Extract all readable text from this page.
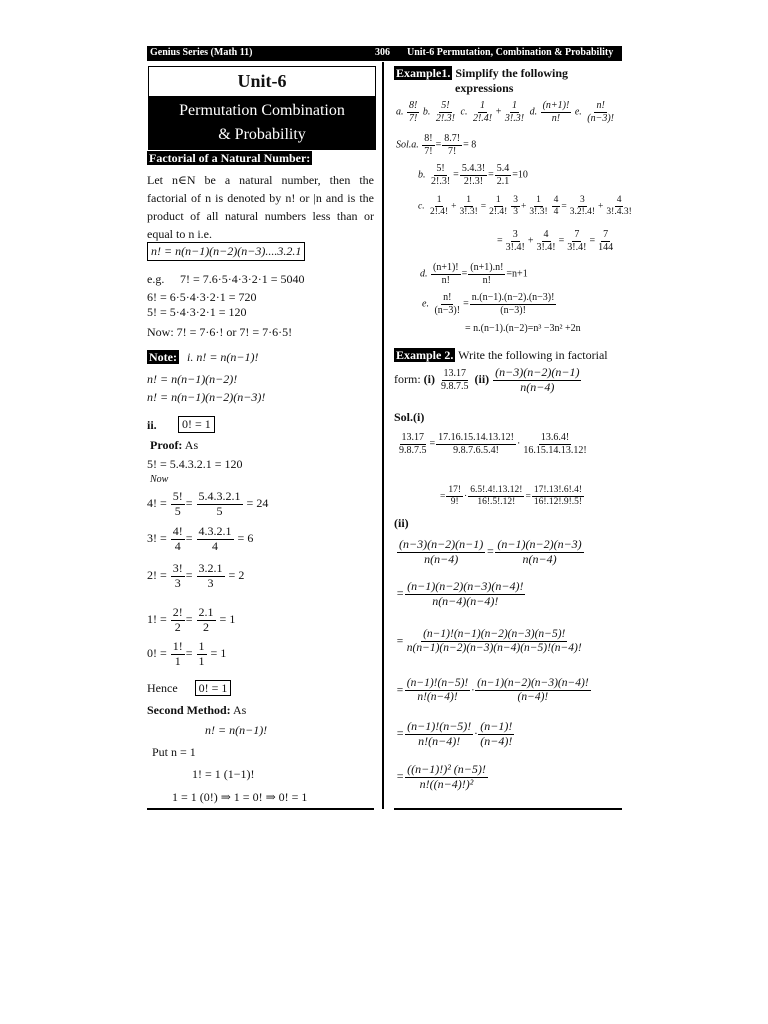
Genius Series (Math 11)	306 Unit-6 Permutation, Combination & Probability
Unit-6
Permutation Combination
& Probability
Factorial of a Natural Number:
Let n∈N be a natural number, then the factorial of n is denoted by n! or |n and is the product of all natural numbers less than or equal to n i.e.
n! = n(n−1)(n−2)(n−3)....3.2.1
e.g. 7! = 7.6·5·4·3·2·1 = 5040
6! = 6·5·4·3·2·1 = 720
5! = 5·4·3·2·1 = 120
Now: 7! = 7·6·! or 7! = 7·6·5!
Note: i. n! = n(n−1)!
n! = n(n−1)(n−2)!
n! = n(n−1)(n−2)(n−3)!
ii.	0! = 1
Proof: As
5! = 5.4.3.2.1 = 120
Now
4! = $\frac{5!}{5} = \frac{5.4.3.2.1}{5} = 24$
3! = $\frac{4!}{4} = \frac{4.3.2.1}{4} = 6$
2! = $\frac{3!}{3} = \frac{3.2.1}{3} = 2$
1! = $\frac{2!}{2} = \frac{2.1}{2} = 1$
0! = $\frac{1!}{1} = \frac{1}{1} = 1$
Hence 0! = 1
Second Method: As
n! = n(n−1)!
Put n = 1
1! = 1 (1−1)!
1 = 1 (0!) ⇒ 1 = 0! ⇒ 0! = 1
Example1. Simplify the following
expressions
a. $\frac{8!}{7!} b$. $\frac{5!}{2!.3!} c$. $\frac{1}{2!.4!} + \frac{1}{3!.3!} d$. $\frac{(n+1)!}{n!} e$. $\frac{n!}{(n-3)!}$
Sol.a. $\frac{8!}{7!} = \frac{8.7!}{7!} = 8$
b. $\frac{5!}{2!.3!} = \frac{5.4.3!}{2!.3!} = \frac{5.4}{2.1} =10$
c. $\frac{1}{2!.4!} + \frac{1}{3!.3!} = \frac{1}{2!.4!} \frac{3}{3} + \frac{1}{3!.3!} \frac{4}{4} = \frac{3}{3.2!.4!} + \frac{4}{3!.4.3!}$
= $\frac{3}{3!.4!} + \frac{4}{3!.4!} = \frac{7}{3!.4!} = \frac{7}{144}$
d. $\frac{(n+1)!}{n!} = \frac{(n+1).n!}{n!} =n+1$
e. $\frac{n!}{(n-3)!} = \frac{n.(n-1).(n-2).(n-3)!}{(n-3)!}$
= n.(n−1).(n−2)=n³ −3n² +2n
Example 2. Write the following in factorial
form: $(i) \frac{13.17}{9.8.7.5} (ii) \frac{(n-3)(n-2)(n-1)}{n(n-4)}$
Sol.(i)
$\frac{13.17}{9.8.7.5} = \frac{17.16.15.14.13.12!}{9.8.7.6.5.4!} \cdot \frac{13.6.4!}{16.15.14.13.12!}$
= $\frac{17!}{9!} \cdot \frac{6.5!.4!.13.12!}{16!.5!.12!} = \frac{17!.13!.6!.4!}{16!.12!.9!.5!}$
(ii)
$\frac{(n-3)(n-2)(n-1)}{n(n-4)} = \frac{(n-1)(n-2)(n-3)}{n(n-4)}$
= $\frac{(n-1)(n-2)(n-3)(n-4)!}{n(n-4)(n-4)!}$
= $\frac{(n-1)!(n-1)(n-2)(n-3)(n-5)!}{n(n-1)(n-2)(n-3)(n-4)(n-5)!(n-4)!}$
= $\frac{(n-1)!(n-5)!}{n!(n-4)!} \cdot \frac{(n-1)(n-2)(n-3)(n-4)!}{(n-4)!}$
= $\frac{(n-1)!(n-5)!}{n!(n-4)!} \cdot \frac{(n-1)!}{(n-4)!}$
= $\frac{\text{((n−1)!)² (n−5)!}}{\text{n!((n−4)!)²}}$
